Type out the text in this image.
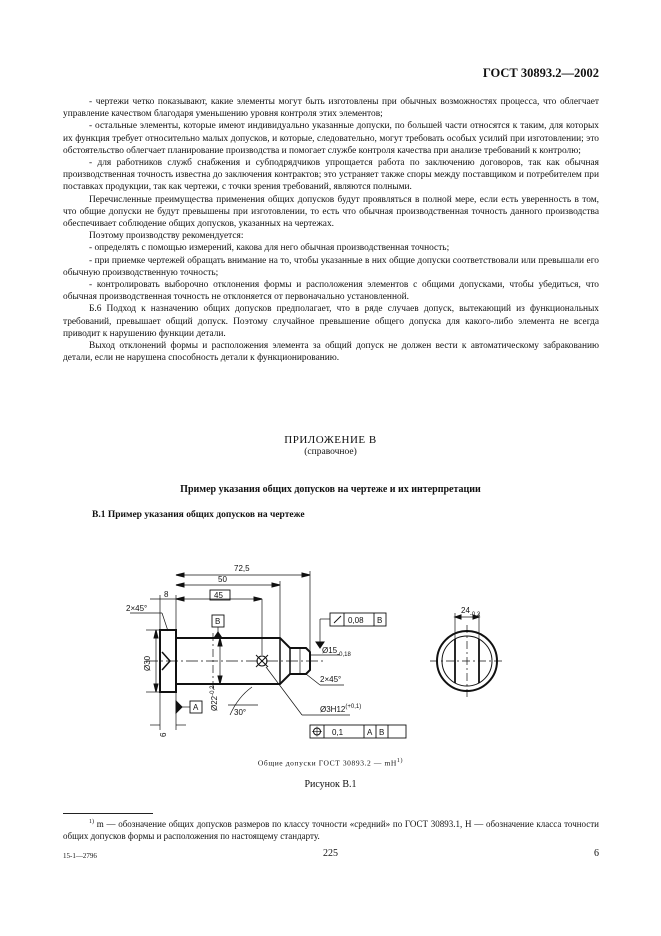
ГОСТ 30893.2—2002

- чертежи четко показывают, какие элементы могут быть изготовлены при обычных возможностях процесса, что облегчает управление качеством благодаря уменьшению уровня контроля этих элементов;

- остальные элементы, которые имеют индивидуально указанные допуски, по большей части относятся к таким, для которых их функция требует относительно малых допусков, и которые, следовательно, могут требовать особых усилий при изготовлении; это обстоятельство облегчает планирование производства и помогает службе контроля качества при анализе требований к контролю;

- для работников служб снабжения и субподрядчиков упрощается работа по заключению договоров, так как обычная производственная точность известна до заключения контрактов; это устраняет также споры между поставщиком и потребителем при поставках продукции, так как чертежи, с точки зрения требований, являются полными.

Перечисленные преимущества применения общих допусков будут проявляться в полной мере, если есть уверенность в том, что общие допуски не будут превышены при изготовлении, то есть что обычная производственная точность данного производства обеспечивает соблюдение общих допусков, указанных на чертежах.

Поэтому производству рекомендуется:

- определять с помощью измерений, какова для него обычная производственная точность;

- при приемке чертежей обращать внимание на то, чтобы указанные в них общие допуски соответствовали или превышали его обычную производственную точность;

- контролировать выборочно отклонения формы и расположения элементов с общими допусками, чтобы убедиться, что обычная производственная точность не отклоняется от первоначально установленной.

Б.6 Подход к назначению общих допусков предполагает, что в ряде случаев допуск, вытекающий из функциональных требований, превышает общий допуск. Поэтому случайное превышение общего допуска для какого-либо элемента не всегда приводит к нарушению функции детали.

Выход отклонений формы и расположения элемента за общий допуск не должен вести к автоматическому забракованию детали, если не нарушена способность детали к функционированию.

ПРИЛОЖЕНИЕ В
(справочное)
Пример указания общих допусков на чертеже и их интерпретации
В.1 Пример указания общих допусков на чертеже
72,5
50
45
8
2×45°
B
A
Ø30
$Ø22^{-0,2}$
30°
0,08 B
$Ø15_{-0,18}$
2×45°
$Ø3H12^{(+0,1)}$
0,1	A B
6
$24_{-0,2}$
Общие допуски ГОСТ 30893.2 — $mH^{1)}$
Рисунок В.1

$^{1)}$ m — обозначение общих допусков размеров по классу точности «средний» по ГОСТ 30893.1, H — обозначение класса точности общих допусков формы и расположения по настоящему стандарту.

15-1—2796	225	6
